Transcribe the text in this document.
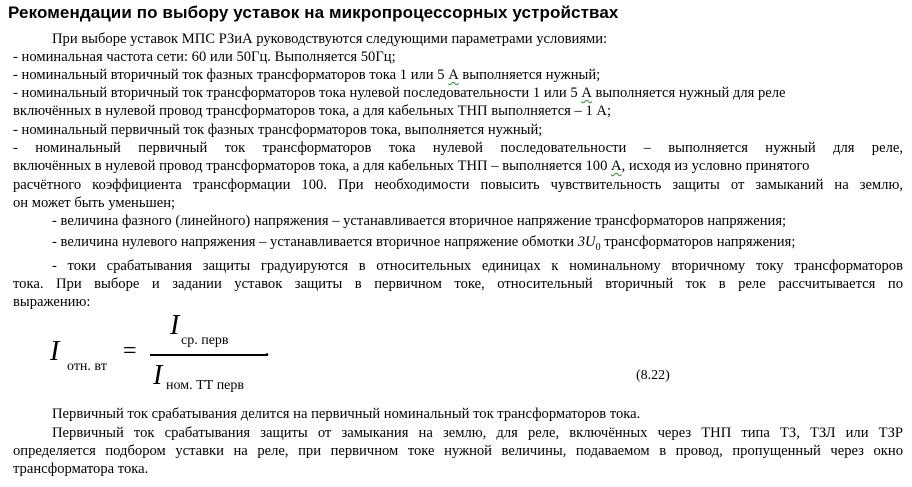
Рекомендации по выбору уставок на микропроцессорных устройствах
При выборе уставок МПС РЗиА руководствуются следующими параметрами условиями:
- номинальная частота сети: 60 или 50Гц. Выполняется 50Гц;
- номинальный вторичный ток фазных трансформаторов тока 1 или 5 А выполняется нужный;
- номинальный вторичный ток трансформаторов тока нулевой последовательности 1 или 5 А выполняется нужный для реле
включённых в нулевой провод трансформаторов тока, а для кабельных ТНП выполняется – 1 А;
- номинальный первичный ток фазных трансформаторов тока, выполняется нужный;
- номинальный первичный ток трансформаторов тока нулевой последовательности – выполняется нужный для реле,
включённых в нулевой провод трансформаторов тока, а для кабельных ТНП – выполняется 100 А, исходя из условно принятого
расчётного коэффициента трансформации 100. При необходимости повысить чувствительность защиты от замыканий на землю,
он может быть уменьшен;
- величина фазного (линейного) напряжения – устанавливается вторичное напряжение трансформаторов напряжения;
- величина нулевого напряжения – устанавливается вторичное напряжение обмотки $3U_0$ трансформаторов напряжения;
- токи срабатывания защиты градуируются в относительных единицах к номинальному вторичному току трансформаторов
тока. При выборе и задании уставок защиты в первичном токе, относительный вторичный ток в реле рассчитывается по
выражению:
I отн. вт
=
I ср. перв
I ном. ТТ перв
.
(8.22)
Первичный ток срабатывания делится на первичный номинальный ток трансформаторов тока.
Первичный ток срабатывания защиты от замыкания на землю, для реле, включённых через ТНП типа ТЗ, ТЗЛ или ТЗР
определяется подбором уставки на реле, при первичном токе нужной величины, подаваемом в провод, пропущенный через окно
трансформатора тока.
